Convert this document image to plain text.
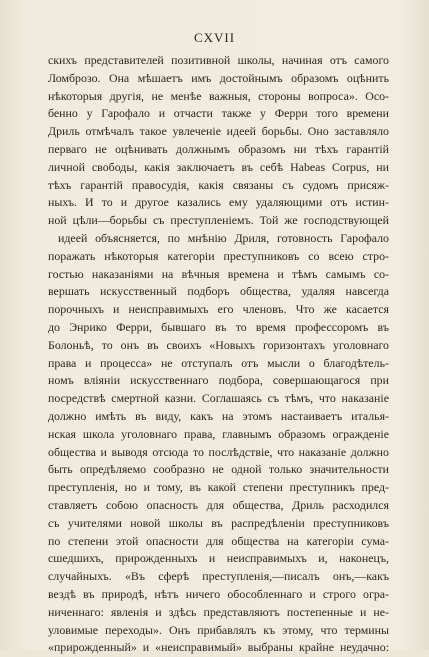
CXVII
скихъ представителей позитивной школы, начиная отъ самого
Ломброзо. Она мѣшаетъ имъ достойнымъ образомъ оцѣнить
нѣкоторыя другія, не менѣе важныя, стороны вопроса». Осо-
бенно у Гарофало и отчасти также у Ферри того времени
Дриль отмѣчалъ такое увлеченіе идеей борьбы. Оно заставляло
перваго не оцѣнивать должнымъ образомъ ни тѣхъ гарантій
личной свободы, какія заключаетъ въ себѣ Habeas Corpus, ни
тѣхъ гарантій правосудія, какія связаны съ судомъ присяж-
ныхъ. И то и другое казались ему удаляющими отъ истин-
ной цѣли—борьбы съ преступленіемъ. Той же господствующей
идеей объясняется, по мнѣнію Дриля, готовность Гарофало
поражать нѣкоторыя категоріи преступниковъ со всею стро-
гостью наказаніями на вѣчныя времена и тѣмъ самымъ со-
вершать искусственный подборъ общества, удаляя навсегда
порочныхъ и неисправимыхъ его членовъ. Что же касается
до Энрико Ферри, бывшаго въ то время профессоромъ въ
Болоньѣ, то онъ въ своихъ «Новыхъ горизонтахъ уголовнаго
права и процесса» не отступалъ отъ мысли о благодѣтель-
номъ вліяніи искусственнаго подбора, совершающагося при
посредствѣ смертной казни. Соглашаясь съ тѣмъ, что наказаніе
должно имѣть въ виду, какъ на этомъ настаиваетъ италья-
нская школа уголовнаго права, главнымъ образомъ огражденіе
общества и выводя отсюда то послѣдствіе, что наказаніе должно
быть опредѣляемо сообразно не одной только значительности
преступленія, но и тому, въ какой степени преступникъ пред-
ставляетъ собою опасность для общества, Дриль расходился
съ учителями новой школы въ распредѣленіи преступниковъ
по степени этой опасности для общества на категоріи сума-
сшедшихъ, прирожденныхъ и неисправимыхъ и, наконецъ,
случайныхъ. «Въ сферѣ преступленія,—писалъ онъ,—какъ
вездѣ въ природѣ, нѣтъ ничего обособленнаго и строго огра-
ниченнаго: явленія и здѣсь представляютъ постепенные и не-
уловимые переходы». Онъ прибавлялъ къ этому, что термины
«прирожденный» и «неисправимый» выбраны крайне неудачно:
